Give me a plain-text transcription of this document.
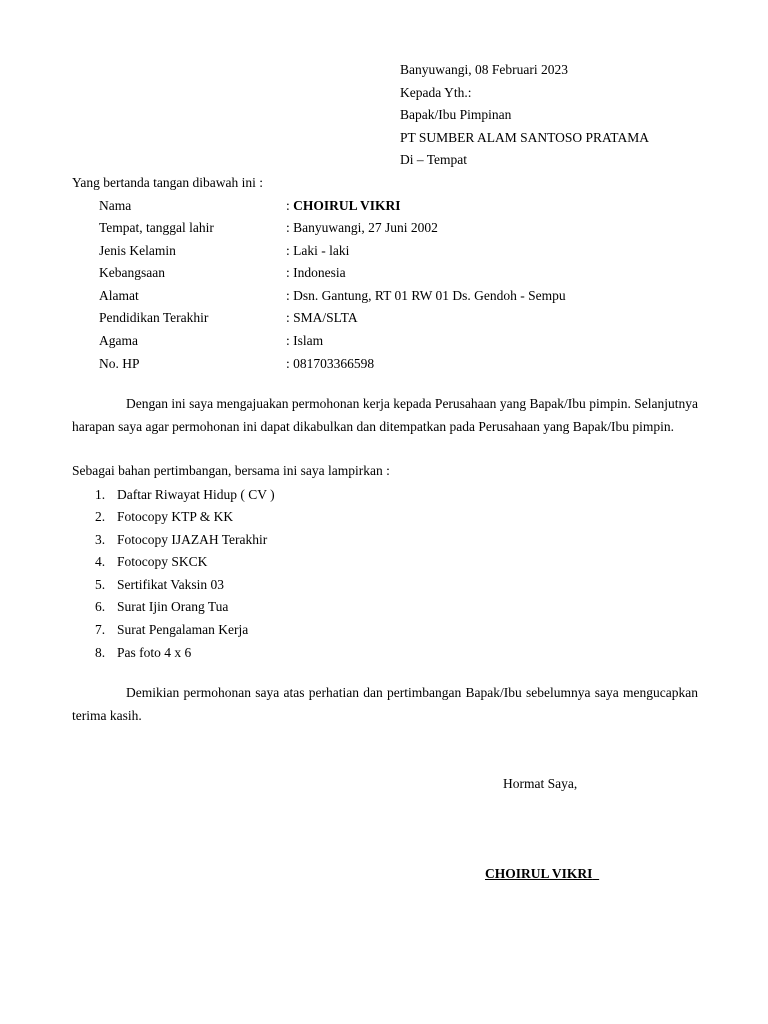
Banyuwangi, 08 Februari 2023
Kepada Yth.:
Bapak/Ibu Pimpinan
PT SUMBER ALAM SANTOSO PRATAMA
Di – Tempat
Yang bertanda tangan dibawah ini :
Nama	: CHOIRUL VIKRI
Tempat, tanggal lahir	: Banyuwangi, 27 Juni 2002
Jenis Kelamin	: Laki - laki
Kebangsaan	: Indonesia
Alamat	: Dsn. Gantung, RT 01 RW 01 Ds. Gendoh - Sempu
Pendidikan Terakhir	: SMA/SLTA
Agama	: Islam
No. HP	: 081703366598
Dengan ini saya mengajuakan permohonan kerja kepada Perusahaan yang Bapak/Ibu pimpin. Selanjutnya harapan saya agar permohonan ini dapat dikabulkan dan ditempatkan pada Perusahaan yang Bapak/Ibu pimpin.
Sebagai bahan pertimbangan, bersama ini saya lampirkan :
1. Daftar Riwayat Hidup ( CV )
2. Fotocopy KTP & KK
3. Fotocopy IJAZAH Terakhir
4. Fotocopy SKCK
5. Sertifikat Vaksin 03
6. Surat Ijin Orang Tua
7. Surat Pengalaman Kerja
8. Pas foto 4 x 6
Demikian permohonan saya atas perhatian dan pertimbangan Bapak/Ibu sebelumnya saya mengucapkan terima kasih.
Hormat Saya,
CHOIRUL VIKRI
